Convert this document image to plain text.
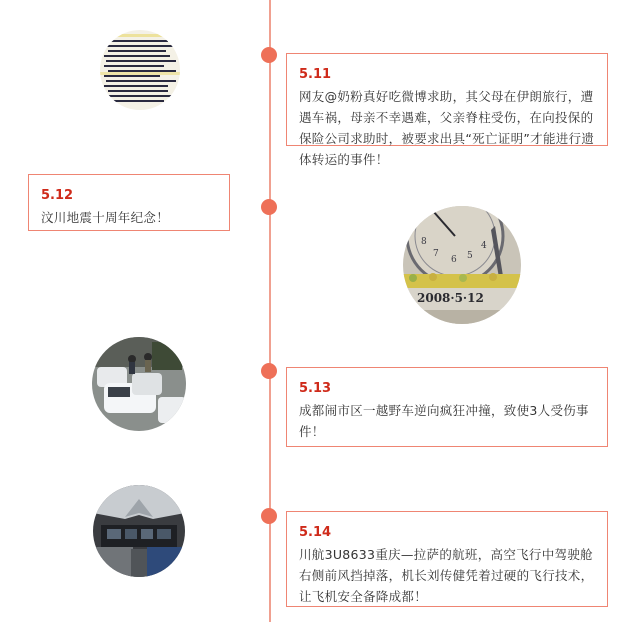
7
6 5
4
8
2008·5·12
5.11
网友@奶粉真好吃微博求助，其父母在伊朗旅行，遭遇车祸，母亲不幸遇难，父亲脊柱受伤，在向投保的保险公司求助时，被要求出具“死亡证明”才能进行遗体转运的事件！
5.12
汶川地震十周年纪念！
5.13
成都闹市区一越野车逆向疯狂冲撞，致使3人受伤事件！
5.14
川航3U8633重庆—拉萨的航班，高空飞行中驾驶舱右侧前风挡掉落，机长刘传健凭着过硬的飞行技术，让飞机安全备降成都！
